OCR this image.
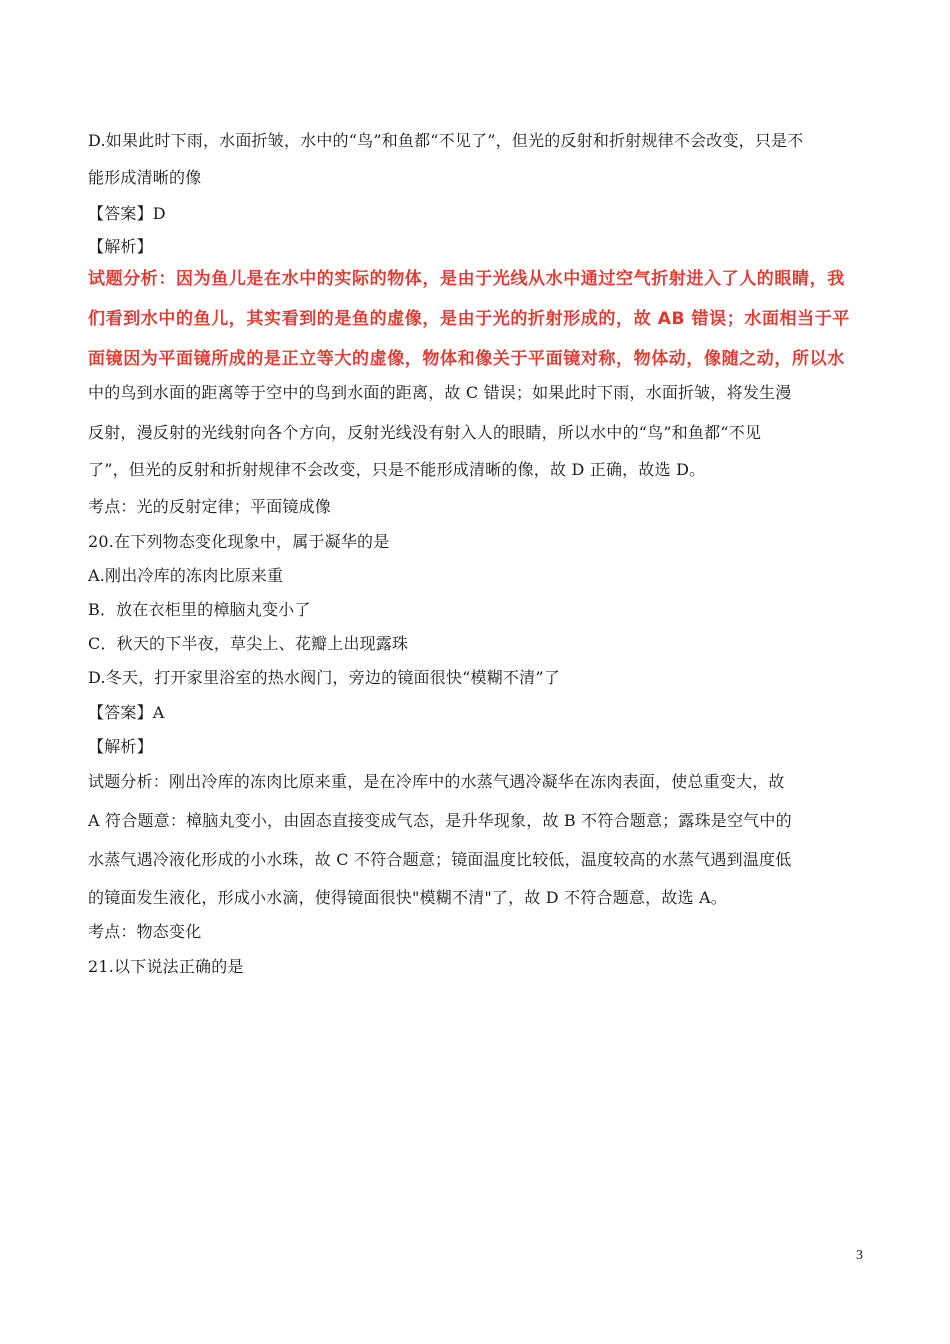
D.如果此时下雨，水面折皱，水中的“鸟”和鱼都“不见了”，但光的反射和折射规律不会改变，只是不
能形成清晰的像
【答案】D
【解析】
试题分析：因为鱼儿是在水中的实际的物体，是由于光线从水中通过空气折射进入了人的眼睛，我
们看到水中的鱼儿，其实看到的是鱼的虚像，是由于光的折射形成的，故 AB 错误；水面相当于平
面镜因为平面镜所成的是正立等大的虚像，物体和像关于平面镜对称，物体动，像随之动，所以水
中的鸟到水面的距离等于空中的鸟到水面的距离，故 C 错误；如果此时下雨，水面折皱，将发生漫
反射，漫反射的光线射向各个方向，反射光线没有射入人的眼睛，所以水中的“鸟”和鱼都“不见
了”，但光的反射和折射规律不会改变，只是不能形成清晰的像，故 D 正确，故选 D。
考点：光的反射定律；平面镜成像
20.在下列物态变化现象中，属于凝华的是
A.刚出冷库的冻肉比原来重
B．放在衣柜里的樟脑丸变小了
C．秋天的下半夜，草尖上、花瓣上出现露珠
D.冬天，打开家里浴室的热水阀门，旁边的镜面很快“模糊不清”了
【答案】A
【解析】
试题分析：刚出冷库的冻肉比原来重，是在冷库中的水蒸气遇冷凝华在冻肉表面，使总重变大，故
A 符合题意：樟脑丸变小，由固态直接变成气态，是升华现象，故 B 不符合题意；露珠是空气中的
水蒸气遇冷液化形成的小水珠，故 C 不符合题意；镜面温度比较低，温度较高的水蒸气遇到温度低
的镜面发生液化，形成小水滴，使得镜面很快"模糊不清"了，故 D 不符合题意，故选 A。
考点：物态变化
21.以下说法正确的是
3
